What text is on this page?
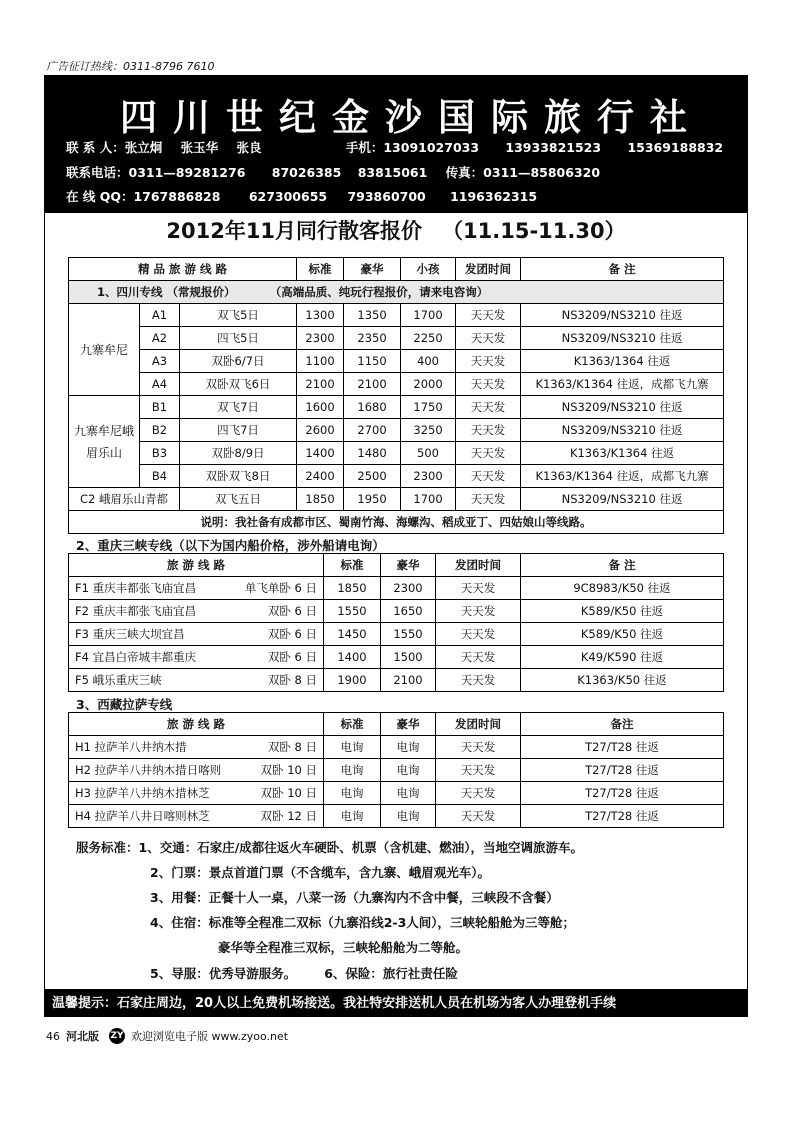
广告征订热线：0311-8796 7610
四川世纪金沙国际旅行社
联 系 人：张立炯 张玉华 张良	手机：13091027033 13933821523 15369188832
联系电话：0311—89281276 87026385 83815061 传真：0311—85806320
在 线 QQ：1767886828 627300655 793860700 1196362315
2012年11月同行散客报价 （11.15-11.30）
精 品 旅 游 线 路			标准	豪华	小孩	发团时间	备 注
1、四川专线 （常规报价） （高端品质、纯玩行程报价，请来电咨询）							
九寨牟尼	A1	双飞5日	1300	1350	1700	天天发	NS3209/NS3210 往返
	A2	四飞5日	2300	2350	2250	天天发	NS3209/NS3210 往返
	A3	双卧6/7日	1100	1150	400	天天发	K1363/1364 往返
	A4	双卧双飞6日	2100	2100	2000	天天发	K1363/K1364 往返，成都飞九寨
九寨牟尼峨眉乐山	B1	双飞7日	1600	1680	1750	天天发	NS3209/NS3210 往返
	B2	四飞7日	2600	2700	3250	天天发	NS3209/NS3210 往返
	B3	双卧8/9日	1400	1480	500	天天发	K1363/K1364 往返
	B4	双卧双飞8日	2400	2500	2300	天天发	K1363/K1364 往返，成都飞九寨
C2 峨眉乐山青都		双飞五日	1850	1950	1700	天天发	NS3209/NS3210 往返
说明：我社备有成都市区、蜀南竹海、海螺沟、稻成亚丁、四姑娘山等线路。							
2、重庆三峡专线（以下为国内船价格，涉外船请电询）
旅 游 线 路	标准	豪华	发团时间	备 注

F1 重庆丰都张飞庙宜昌 单飞单卧 6 日	1850	2300	天天发	9C8983/K50 往返

F2 重庆丰都张飞庙宜昌 双卧 6 日	1550	1650	天天发	K589/K50 往返

F3 重庆三峡大坝宜昌 双卧 6 日	1450	1550	天天发	K589/K50 往返

F4 宜昌白帝城丰都重庆 双卧 6 日	1400	1500	天天发	K49/K590 往返

F5 峨乐重庆三峡 双卧 8 日	1900	2100	天天发	K1363/K50 往返
3、西藏拉萨专线
旅 游 线 路	标准	豪华	发团时间	备注

H1 拉萨羊八井纳木措 双卧 8 日	电询	电询	天天发	T27/T28 往返

H2 拉萨羊八井纳木措日喀则 双卧 10 日	电询	电询	天天发	T27/T28 往返

H3 拉萨羊八井纳木措林芝 双卧 10 日	电询	电询	天天发	T27/T28 往返

H4 拉萨羊八井日喀则林芝 双卧 12 日	电询	电询	天天发	T27/T28 往返
服务标准：1、交通：石家庄/成都往返火车硬卧、机票（含机建、燃油），当地空调旅游车。
2、门票：景点首道门票（不含缆车，含九寨、峨眉观光车）。
3、用餐：正餐十人一桌，八菜一汤（九寨沟内不含中餐，三峡段不含餐）
4、住宿：标准等全程准二双标（九寨沿线2-3人间），三峡轮船舱为三等舱；
豪华等全程准三双标，三峡轮船舱为二等舱。
5、导服：优秀导游服务。 6、保险：旅行社责任险
温馨提示：石家庄周边，20人以上免费机场接送。我社特安排送机人员在机场为客人办理登机手续
46 河北版 ZY 欢迎浏览电子版 www.zyoo.net
